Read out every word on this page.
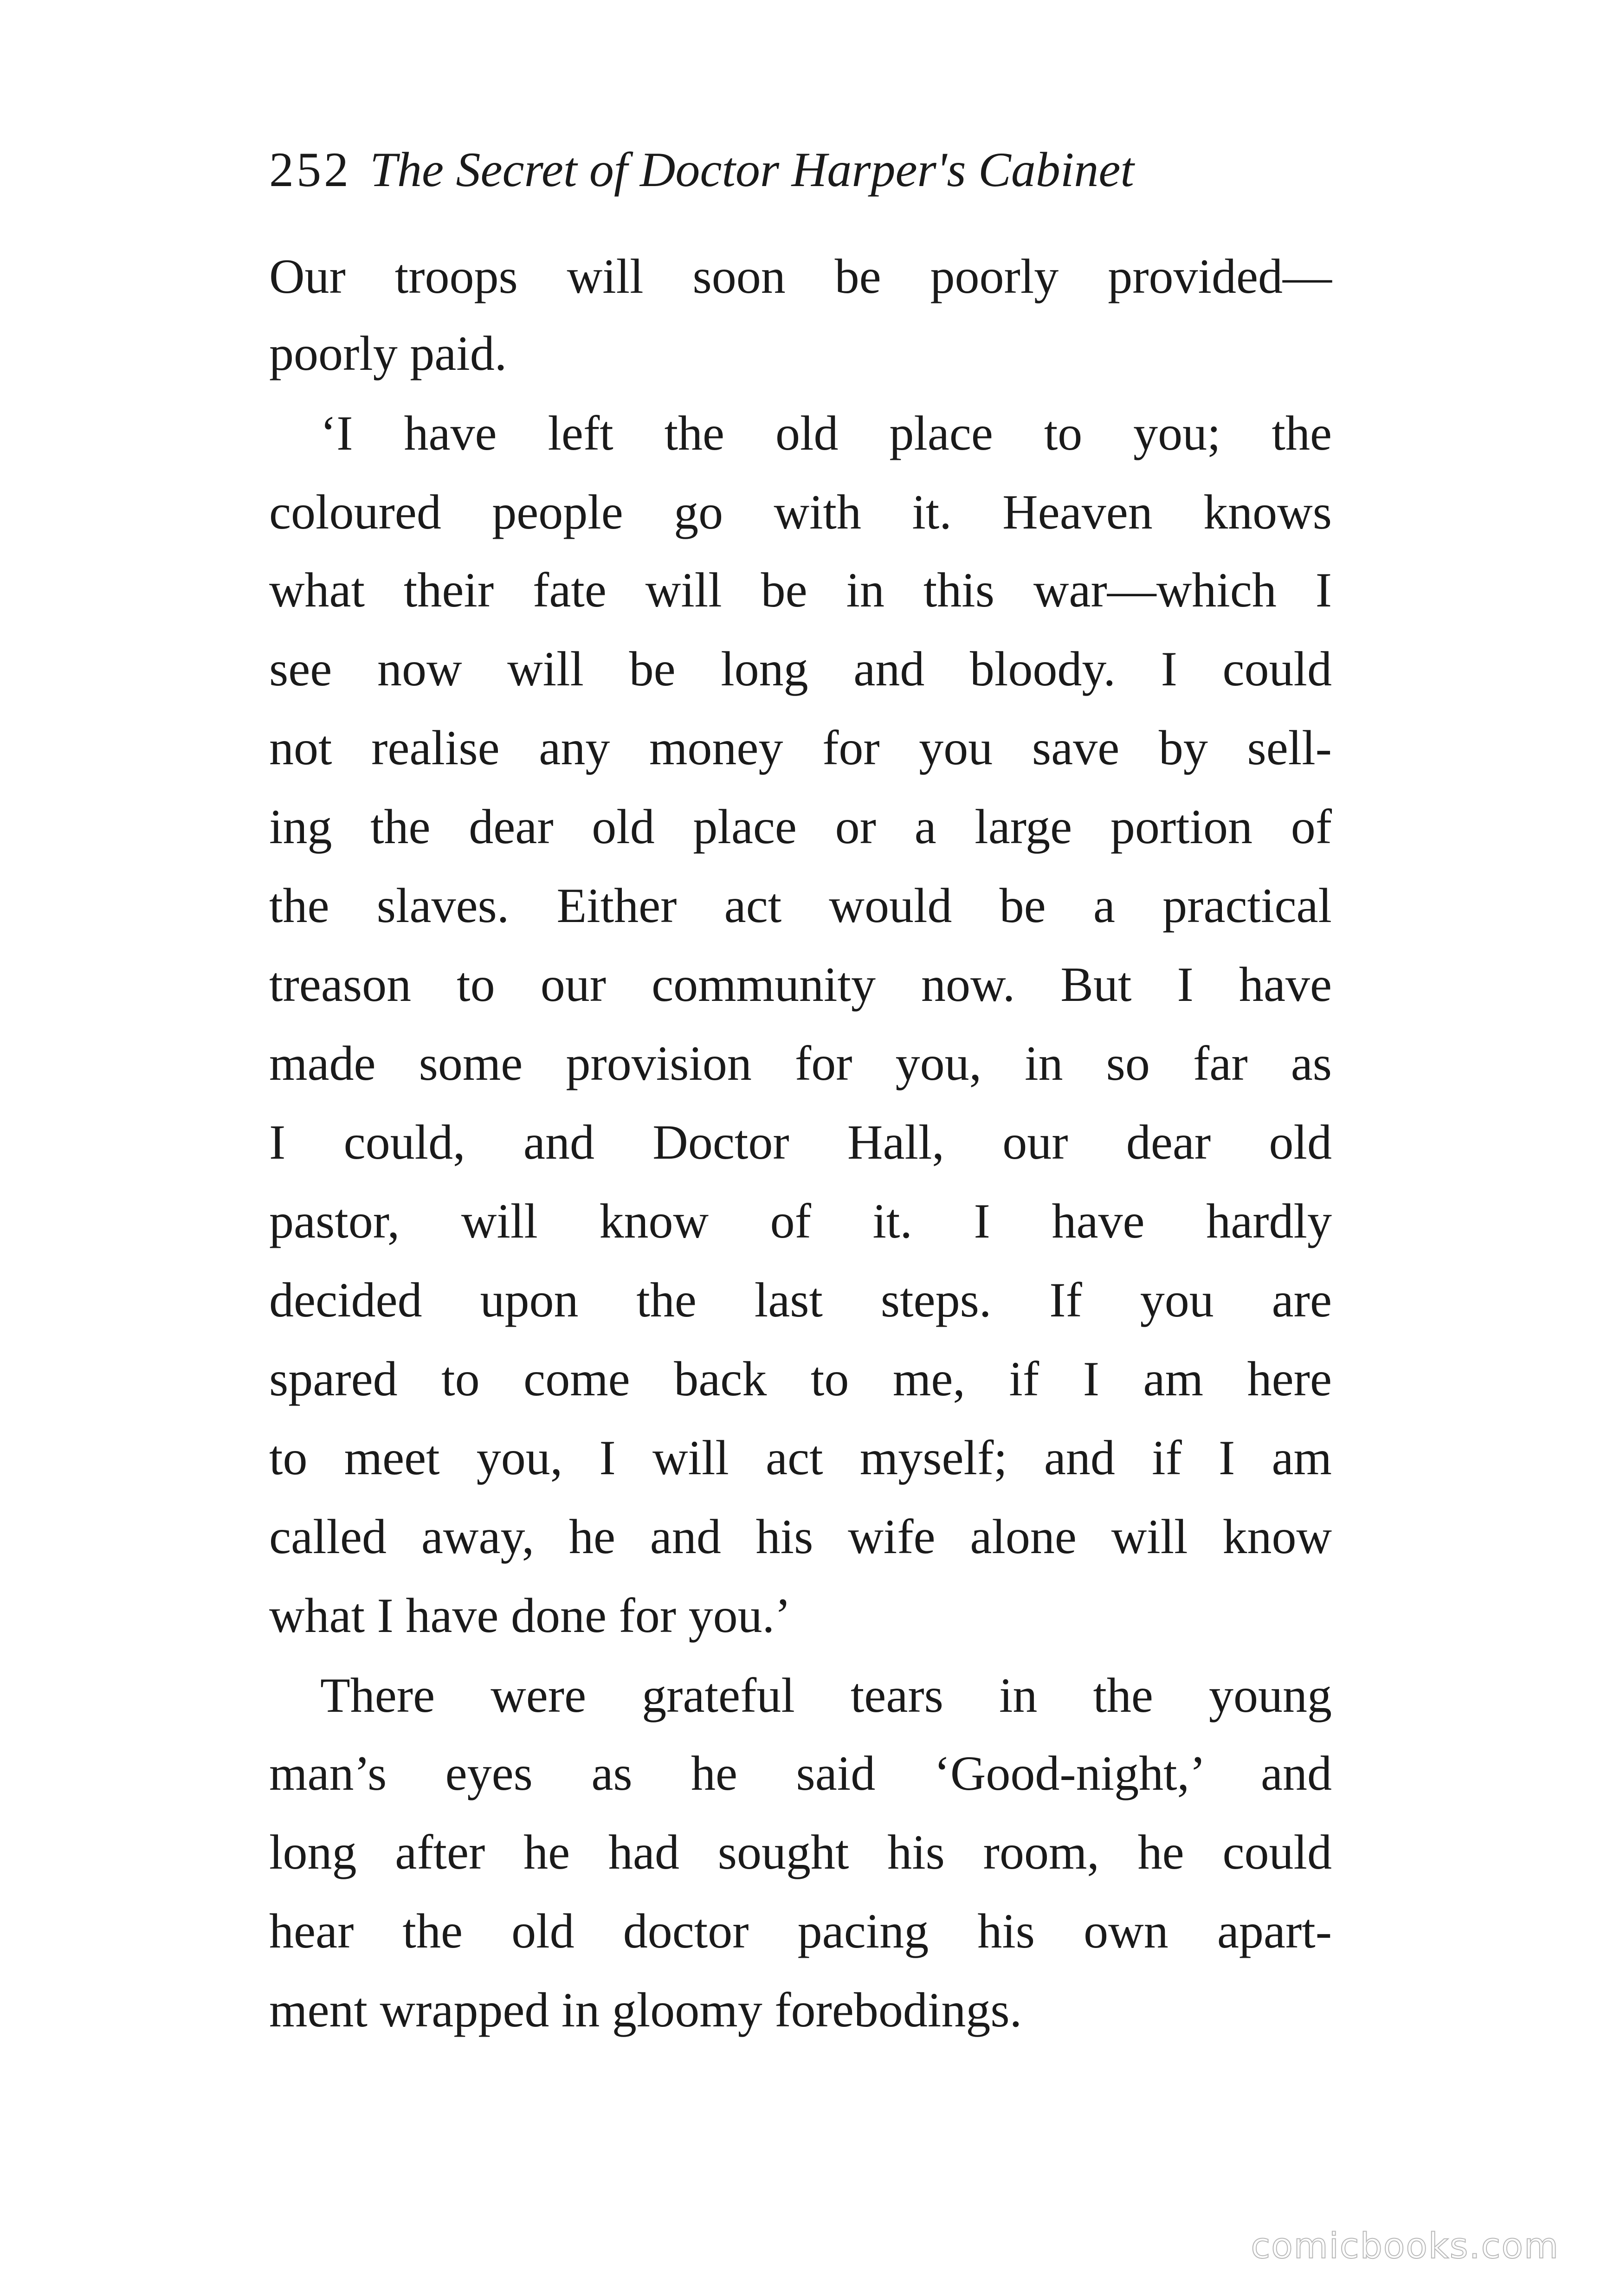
252 The Secret of Doctor Harper's Cabinet
Our troops will soon be poorly provided—
poorly paid.
‘I have left the old place to you; the
coloured people go with it. Heaven knows
what their fate will be in this war—which I
see now will be long and bloody. I could
not realise any money for you save by sell-
ing the dear old place or a large portion of
the slaves. Either act would be a practical
treason to our community now. But I have
made some provision for you, in so far as
I could, and Doctor Hall, our dear old
pastor, will know of it. I have hardly
decided upon the last steps. If you are
spared to come back to me, if I am here
to meet you, I will act myself; and if I am
called away, he and his wife alone will know
what I have done for you.’
There were grateful tears in the young
man’s eyes as he said ‘Good-night,’ and
long after he had sought his room, he could
hear the old doctor pacing his own apart-
ment wrapped in gloomy forebodings.
comicbooks.com
